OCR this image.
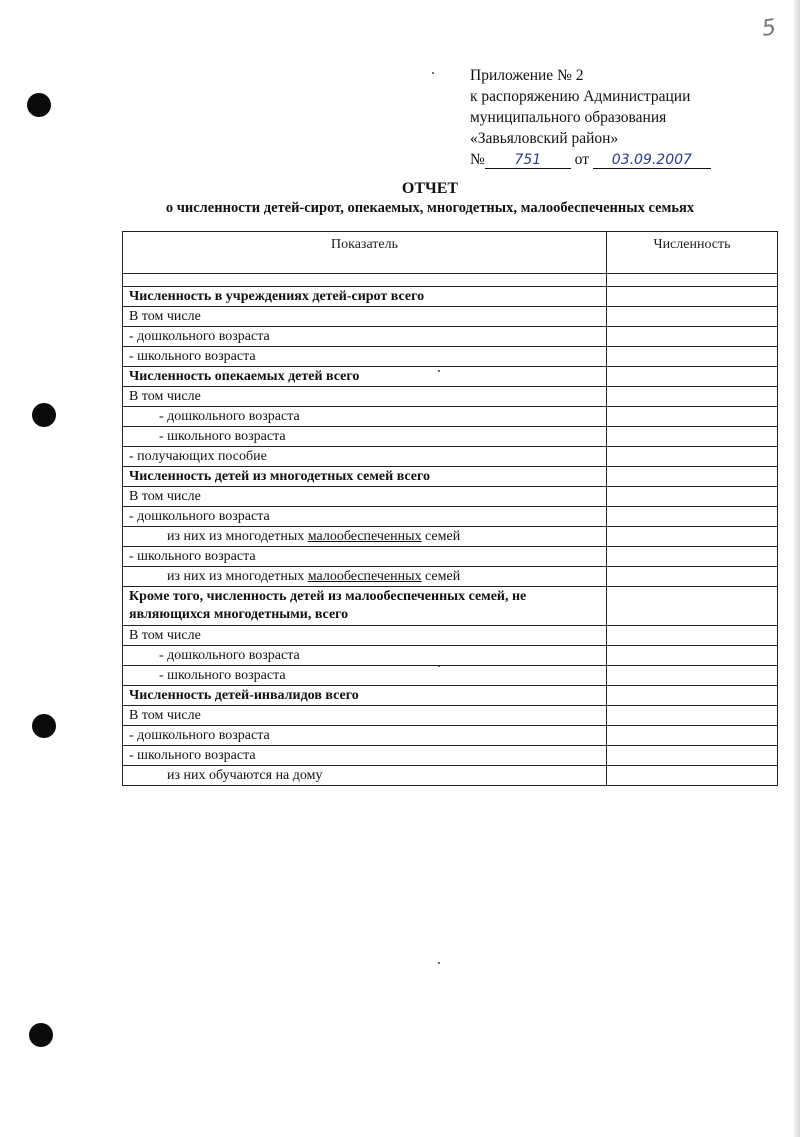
5
Приложение № 2
к распоряжению Администрации
муниципального образования
«Завьяловский район»
№ 751 от 03.09.2007
ОТЧЕТ
о численности детей-сирот, опекаемых, многодетных, малообеспеченных семьях
Показатель	Численность

Численность в учреждениях детей-сирот всего	
В том числе	
- дошкольного возраста	
- школьного возраста	
Численность опекаемых детей всего	
В том числе	
- дошкольного возраста	
- школьного возраста	
- получающих пособие	
Численность детей из многодетных семей всего	
В том числе	
- дошкольного возраста	
из них из многодетных малообеспеченных семей	
- школьного возраста	
из них из многодетных малообеспеченных семей	
Кроме того, численность детей из малообеспеченных семей, не являющихся многодетными, всего	
В том числе	
- дошкольного возраста	
- школьного возраста	
Численность детей-инвалидов всего	
В том числе	
- дошкольного возраста	
- школьного возраста	
из них обучаются на дому	
